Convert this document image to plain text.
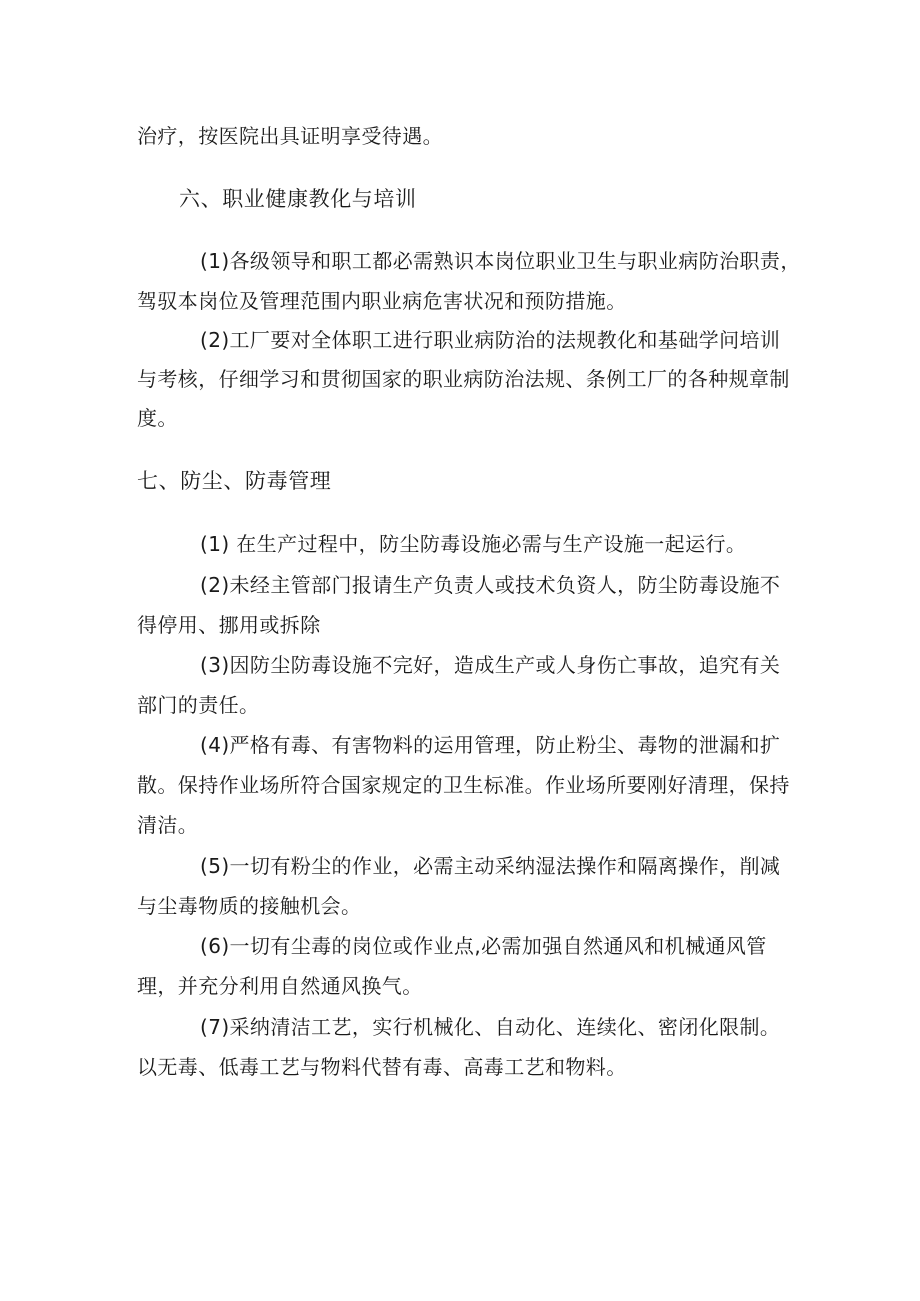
治疗，按医院出具证明享受待遇。
六、职业健康教化与培训
(1)各级领导和职工都必需熟识本岗位职业卫生与职业病防治职责，
驾驭本岗位及管理范围内职业病危害状况和预防措施。
(2)工厂要对全体职工进行职业病防治的法规教化和基础学问培训
与考核，仔细学习和贯彻国家的职业病防治法规、条例工厂的各种规章制
度。
七、防尘、防毒管理
(1) 在生产过程中，防尘防毒设施必需与生产设施一起运行。
(2)未经主管部门报请生产负责人或技术负资人，防尘防毒设施不
得停用、挪用或拆除
(3)因防尘防毒设施不完好，造成生产或人身伤亡事故，追究有关
部门的责任。
(4)严格有毒、有害物料的运用管理，防止粉尘、毒物的泄漏和扩
散。保持作业场所符合国家规定的卫生标准。作业场所要刚好清理，保持
清洁。
(5)一切有粉尘的作业，必需主动采纳湿法操作和隔离操作，削减
与尘毒物质的接触机会。
(6)一切有尘毒的岗位或作业点,必需加强自然通风和机械通风管
理，并充分利用自然通风换气。
(7)采纳清洁工艺，实行机械化、自动化、连续化、密闭化限制。
以无毒、低毒工艺与物料代替有毒、高毒工艺和物料。
